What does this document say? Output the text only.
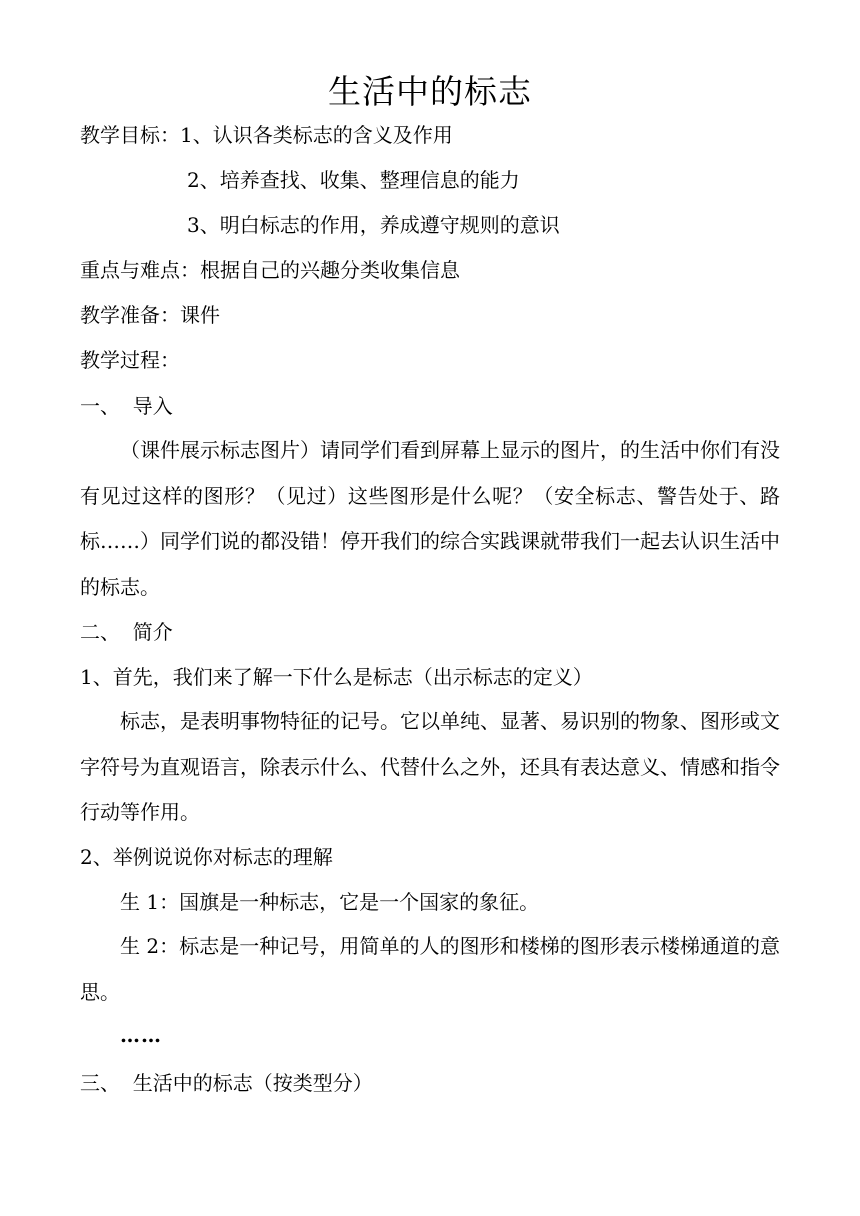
生活中的标志
教学目标：1、认识各类标志的含义及作用
2、培养查找、收集、整理信息的能力
3、明白标志的作用，养成遵守规则的意识
重点与难点：根据自己的兴趣分类收集信息
教学准备：课件
教学过程：
一、  导入
（课件展示标志图片）请同学们看到屏幕上显示的图片，的生活中你们有没有见过这样的图形？（见过）这些图形是什么呢？（安全标志、警告处于、路标……）同学们说的都没错！停开我们的综合实践课就带我们一起去认识生活中的标志。
二、  简介
1、首先，我们来了解一下什么是标志（出示标志的定义）
标志，是表明事物特征的记号。它以单纯、显著、易识别的物象、图形或文字符号为直观语言，除表示什么、代替什么之外，还具有表达意义、情感和指令行动等作用。
2、举例说说你对标志的理解
生 1：国旗是一种标志，它是一个国家的象征。
生 2：标志是一种记号，用简单的人的图形和楼梯的图形表示楼梯通道的意思。
……
三、  生活中的标志（按类型分）
